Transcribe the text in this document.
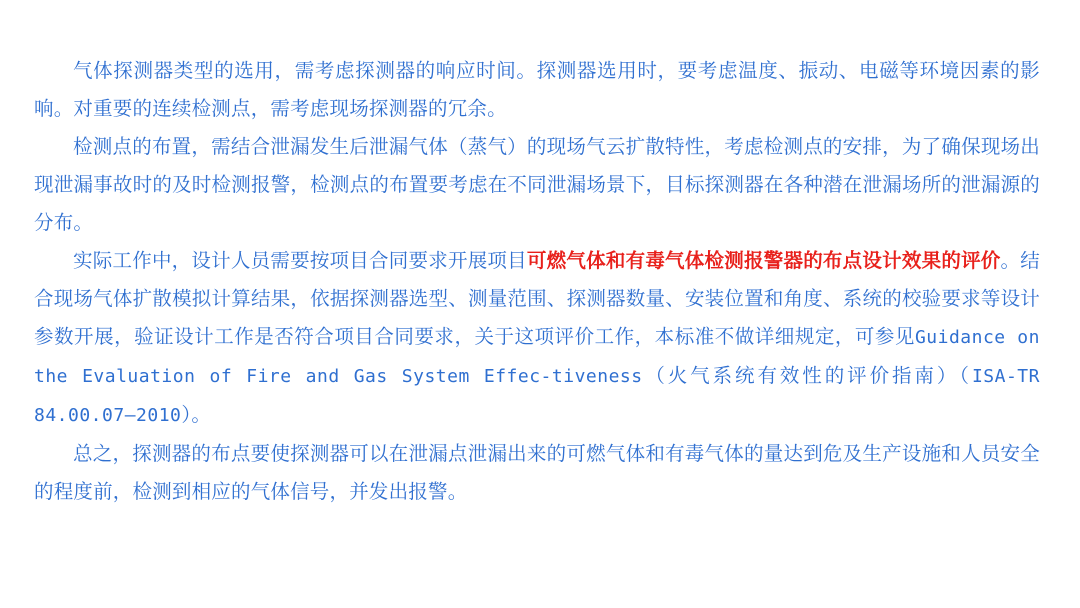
气体探测器类型的选用，需考虑探测器的响应时间。探测器选用时，要考虑温度、振动、电磁等环境因素的影响。对重要的连续检测点，需考虑现场探测器的冗余。

检测点的布置，需结合泄漏发生后泄漏气体（蒸气）的现场气云扩散特性，考虑检测点的安排，为了确保现场出现泄漏事故时的及时检测报警，检测点的布置要考虑在不同泄漏场景下，目标探测器在各种潜在泄漏场所的泄漏源的分布。

实际工作中，设计人员需要按项目合同要求开展项目可燃气体和有毒气体检测报警器的布点设计效果的评价。结合现场气体扩散模拟计算结果，依据探测器选型、测量范围、探测器数量、安装位置和角度、系统的校验要求等设计参数开展，验证设计工作是否符合项目合同要求，关于这项评价工作，本标准不做详细规定，可参见Guidance on the Evaluation of Fire and Gas System Effec-tiveness（火气系统有效性的评价指南）（ISA-TR 84.00.07—2010）。

总之，探测器的布点要使探测器可以在泄漏点泄漏出来的可燃气体和有毒气体的量达到危及生产设施和人员安全的程度前，检测到相应的气体信号，并发出报警。
